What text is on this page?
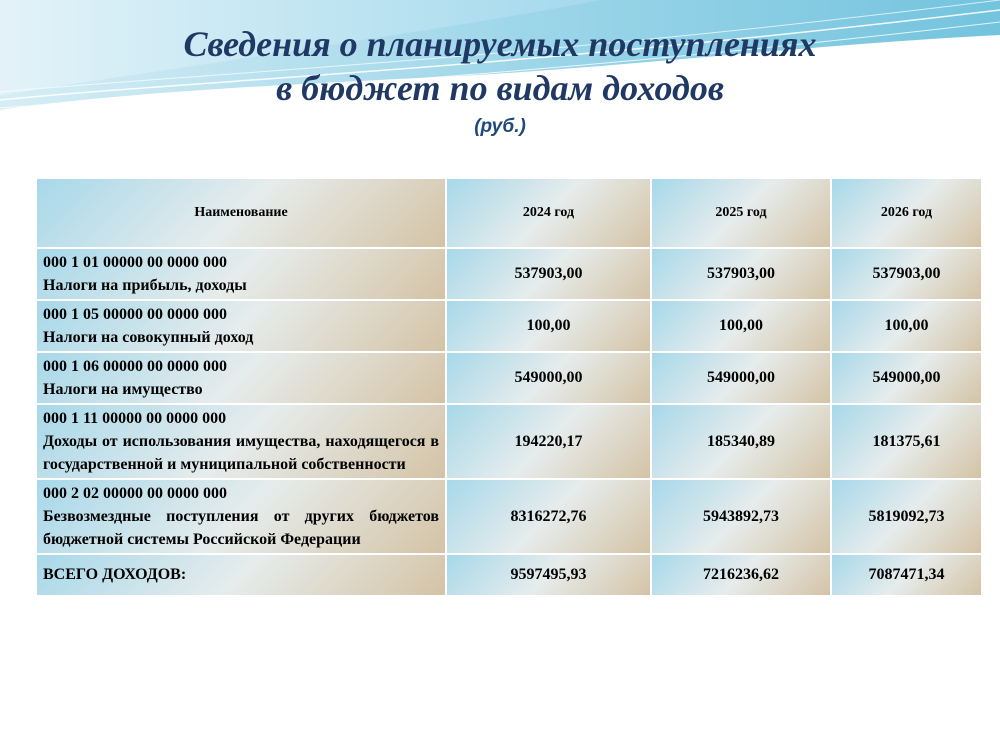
Сведения о планируемых поступлениях

в бюджет по видам доходов

(руб.)
Наименование	2024 год	2025 год	2026 год

000 1 01 00000 00 0000 000
Налоги на прибыль, доходы	537903,00	537903,00	537903,00

000 1 05 00000 00 0000 000
Налоги на совокупный доход	100,00	100,00	100,00

000 1 06 00000 00 0000 000
Налоги на имущество	549000,00	549000,00	549000,00

000 1 11 00000 00 0000 000
Доходы от использования имущества, находящегося в государственной и муниципальной собственности	194220,17	185340,89	181375,61

000 2 02 00000 00 0000 000
Безвозмездные поступления от других бюджетов бюджетной системы Российской Федерации	8316272,76	5943892,73	5819092,73
ВСЕГО ДОХОДОВ:	9597495,93	7216236,62	7087471,34
